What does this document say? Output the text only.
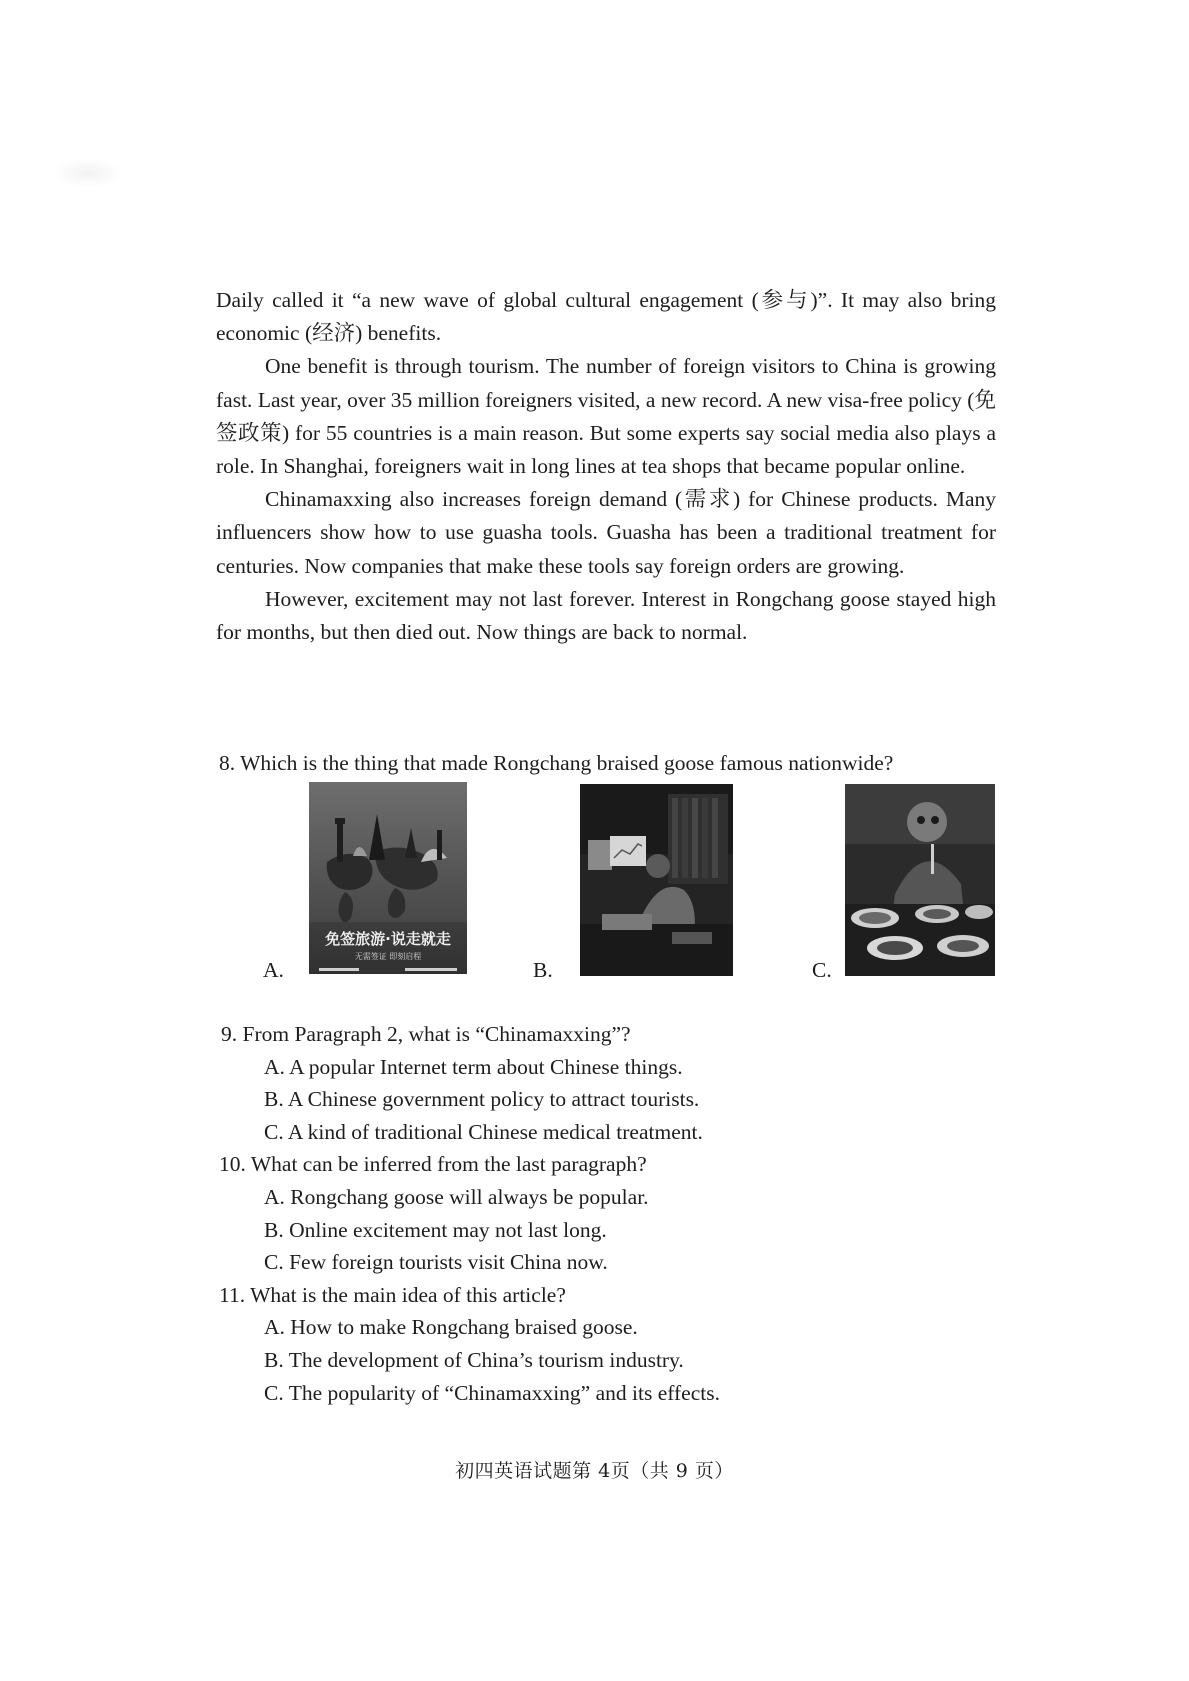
Daily called it “a new wave of global cultural engagement (参与)”. It may also bring economic (经济) benefits.

One benefit is through tourism. The number of foreign visitors to China is growing fast. Last year, over 35 million foreigners visited, a new record. A new visa-free policy (免签政策) for 55 countries is a main reason. But some experts say social media also plays a role. In Shanghai, foreigners wait in long lines at tea shops that became popular online.

Chinamaxxing also increases foreign demand (需求) for Chinese products. Many influencers show how to use guasha tools. Guasha has been a traditional treatment for centuries. Now companies that make these tools say foreign orders are growing.

However, excitement may not last forever. Interest in Rongchang goose stayed high for months, but then died out. Now things are back to normal.

8. Which is the thing that made Rongchang braised goose famous nationwide?
A.
免签旅游·说走就走
无需签证 即刻启程
B.	C.
9. From Paragraph 2, what is “Chinamaxxing”?
A. A popular Internet term about Chinese things.
B. A Chinese government policy to attract tourists.
C. A kind of traditional Chinese medical treatment.
10. What can be inferred from the last paragraph?
A. Rongchang goose will always be popular.
B. Online excitement may not last long.
C. Few foreign tourists visit China now.
11. What is the main idea of this article?
A. How to make Rongchang braised goose.
B. The development of China’s tourism industry.
C. The popularity of “Chinamaxxing” and its effects.
初四英语试题第 4页（共 9 页）
